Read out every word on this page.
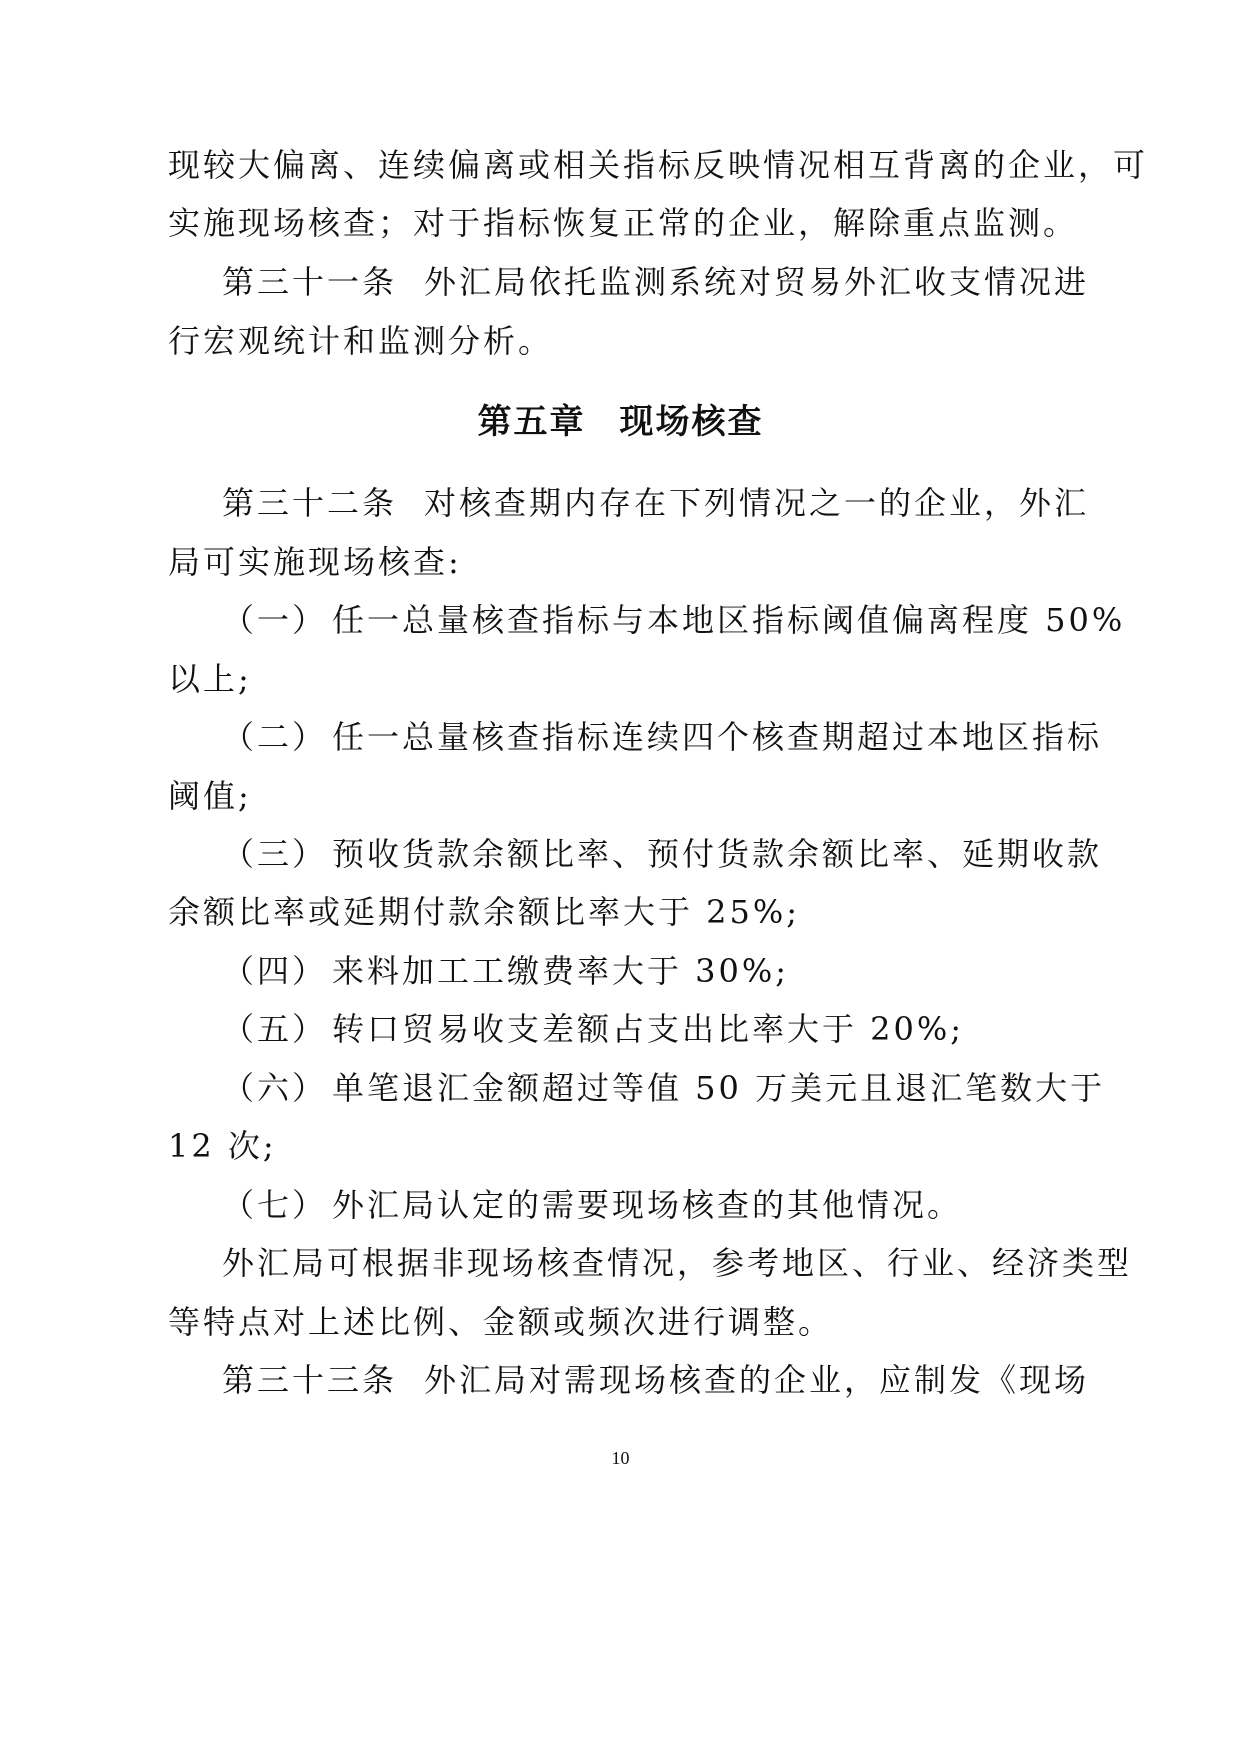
现较大偏离、连续偏离或相关指标反映情况相互背离的企业，可
实施现场核查；对于指标恢复正常的企业，解除重点监测。
第三十一条 外汇局依托监测系统对贸易外汇收支情况进
行宏观统计和监测分析。
第五章 现场核查
第三十二条 对核查期内存在下列情况之一的企业，外汇
局可实施现场核查:
（一） 任一总量核查指标与本地区指标阈值偏离程度 50%
以上;
（二） 任一总量核查指标连续四个核查期超过本地区指标
阈值;
（三） 预收货款余额比率、预付货款余额比率、延期收款
余额比率或延期付款余额比率大于 25%;
（四） 来料加工工缴费率大于 30%;
（五） 转口贸易收支差额占支出比率大于 20%;
（六） 单笔退汇金额超过等值 50 万美元且退汇笔数大于
12 次;
（七） 外汇局认定的需要现场核查的其他情况。
外汇局可根据非现场核查情况，参考地区、行业、经济类型
等特点对上述比例、金额或频次进行调整。
第三十三条 外汇局对需现场核查的企业，应制发《现场
10
